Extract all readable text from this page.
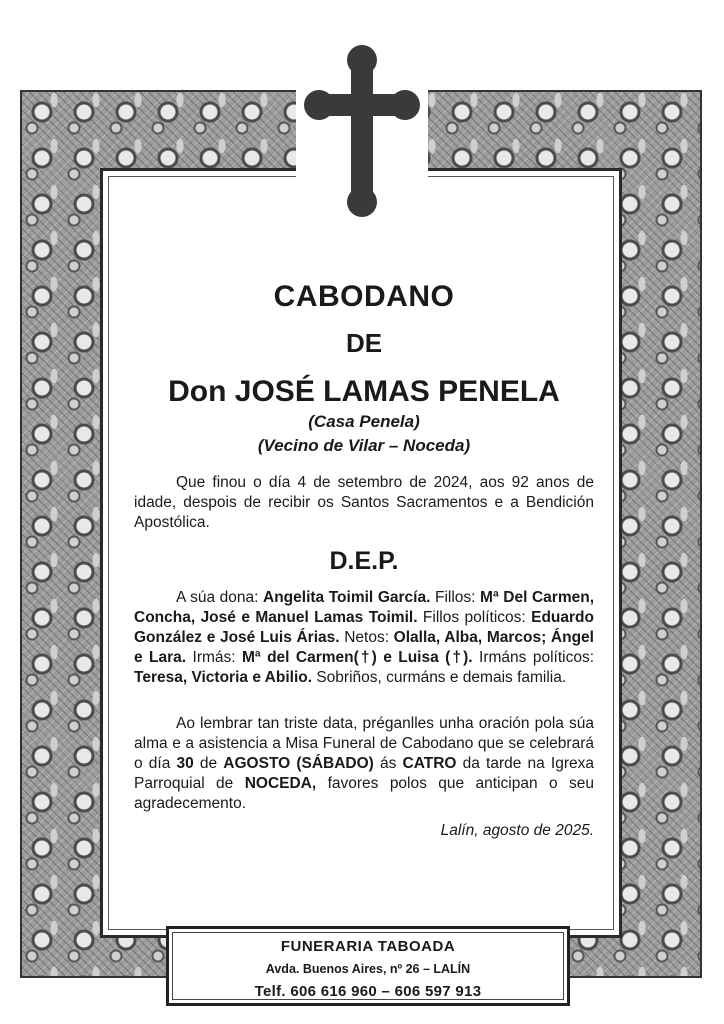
CABODANO
DE
Don JOSÉ LAMAS PENELA
(Casa Penela)
(Vecino de Vilar – Noceda)

Que finou o día 4 de setembro de 2024, aos 92 anos de idade, despois de recibir os Santos Sacramentos e a Bendición Apostólica.

D.E.P.

A súa dona: Angelita Toimil García. Fillos: Mª Del Carmen, Concha, José e Manuel Lamas Toimil. Fillos políticos: Eduardo González e José Luis Árias. Netos: Olalla, Alba, Marcos; Ángel e Lara. Irmás: Mª del Carmen(†) e Luisa (†). Irmáns políticos: Teresa, Victoria e Abilio. Sobriños, curmáns e demais familia.

Ao lembrar tan triste data, préganlles unha oración pola súa alma e a asistencia a Misa Funeral de Cabodano que se celebrará o día 30 de AGOSTO (SÁBADO) ás CATRO da tarde na Igrexa Parroquial de NOCEDA, favores polos que anticipan o seu agradecemento.

Lalín, agosto de 2025.
FUNERARIA TABOADA
Avda. Buenos Aires, nº 26 – LALÍN
Telf. 606 616 960 – 606 597 913
